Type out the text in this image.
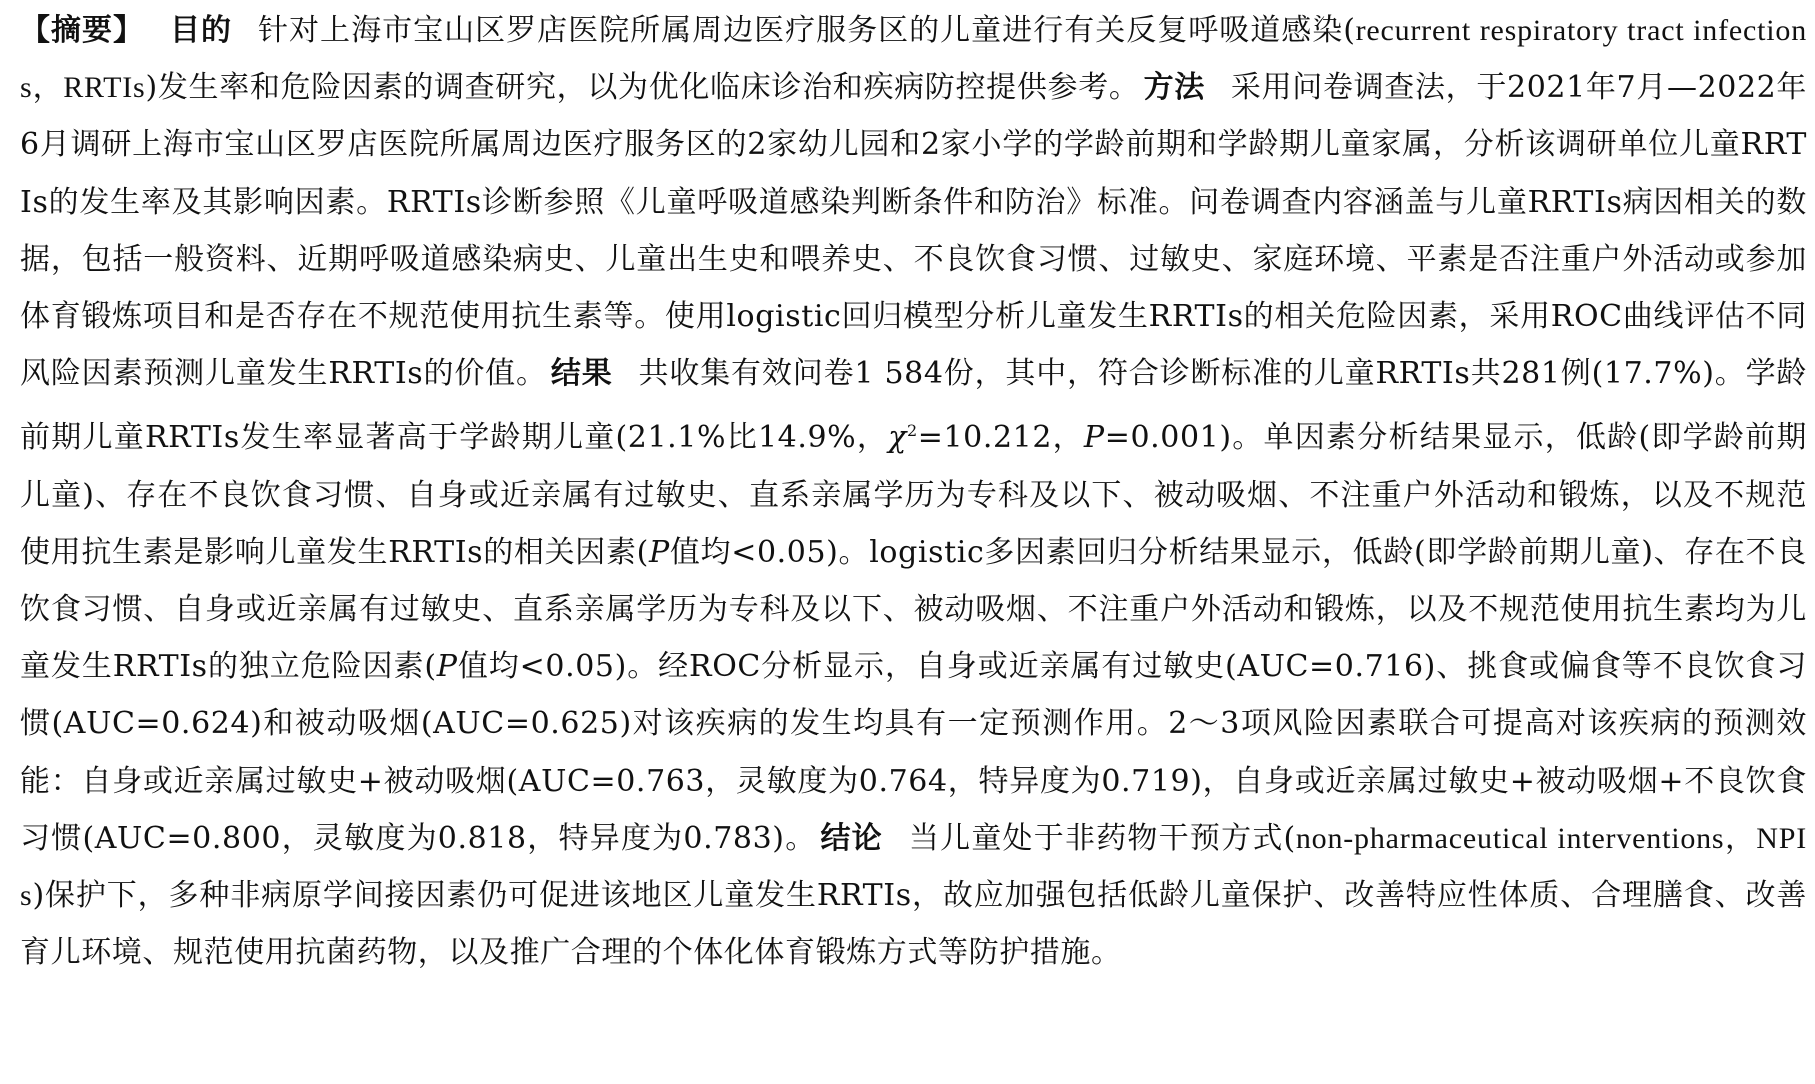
【摘要】 目的 针对上海市宝山区罗店医院所属周边医疗服务区的儿童进行有关反复呼吸道感染(recurrent respiratory tract infections，RRTIs)发生率和危险因素的调查研究，以为优化临床诊治和疾病防控提供参考。 方法 采用问卷调查法，于2021年7月—2022年6月调研上海市宝山区罗店医院所属周边医疗服务区的2家幼儿园和2家小学的学龄前期和学龄期儿童家属，分析该调研单位儿童RRTIs的发生率及其影响因素。RRTIs诊断参照《儿童呼吸道感染判断条件和防治》标准。问卷调查内容涵盖与儿童RRTIs病因相关的数据，包括一般资料、近期呼吸道感染病史、儿童出生史和喂养史、不良饮食习惯、过敏史、家庭环境、平素是否注重户外活动或参加体育锻炼项目和是否存在不规范使用抗生素等。使用logistic回归模型分析儿童发生RRTIs的相关危险因素，采用ROC曲线评估不同风险因素预测儿童发生RRTIs的价值。 结果 共收集有效问卷1 584份，其中，符合诊断标准的儿童RRTIs共281例(17.7%)。学龄前期儿童RRTIs发生率显著高于学龄期儿童(21.1%比14.9%，$\chi^2=10.212$，P=0.001)。单因素分析结果显示，低龄(即学龄前期儿童)、存在不良饮食习惯、自身或近亲属有过敏史、直系亲属学历为专科及以下、被动吸烟、不注重户外活动和锻炼，以及不规范使用抗生素是影响儿童发生RRTIs的相关因素(P值均<0.05)。logistic多因素回归分析结果显示，低龄(即学龄前期儿童)、存在不良饮食习惯、自身或近亲属有过敏史、直系亲属学历为专科及以下、被动吸烟、不注重户外活动和锻炼，以及不规范使用抗生素均为儿童发生RRTIs的独立危险因素(P值均<0.05)。经ROC分析显示，自身或近亲属有过敏史(AUC=0.716)、挑食或偏食等不良饮食习惯(AUC=0.624)和被动吸烟(AUC=0.625)对该疾病的发生均具有一定预测作用。2～3项风险因素联合可提高对该疾病的预测效能：自身或近亲属过敏史+被动吸烟(AUC=0.763，灵敏度为0.764，特异度为0.719)，自身或近亲属过敏史+被动吸烟+不良饮食习惯(AUC=0.800，灵敏度为0.818，特异度为0.783)。 结论 当儿童处于非药物干预方式(non-pharmaceutical interventions，NPIs)保护下，多种非病原学间接因素仍可促进该地区儿童发生RRTIs，故应加强包括低龄儿童保护、改善特应性体质、合理膳食、改善育儿环境、规范使用抗菌药物，以及推广合理的个体化体育锻炼方式等防护措施。
